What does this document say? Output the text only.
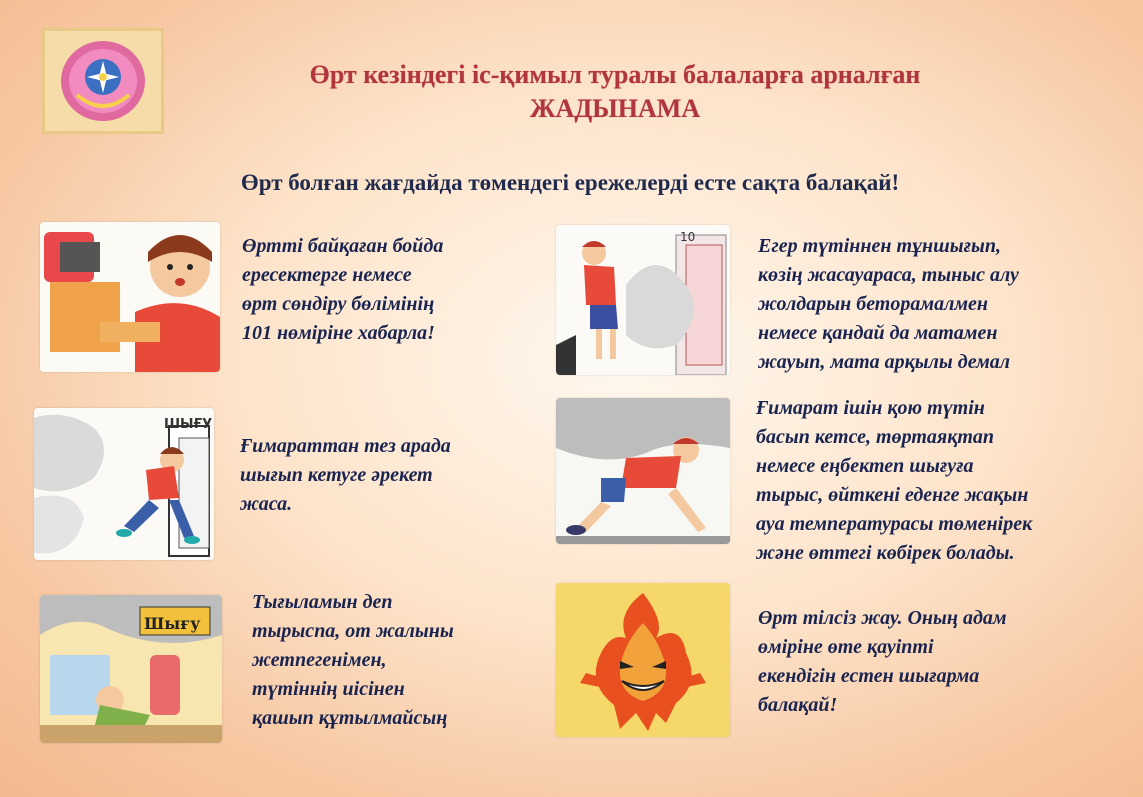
Өрт кезіндегі іс-қимыл туралы балаларға арналған
ЖАДЫНАМА
Өрт болған жағдайда төмендегі ережелерді есте сақта балақай!
Өртті байқаған бойда
ересектерге немесе
өрт сөндіру бөлімінің
101 нөміріне хабарла!
ШЫҒУ
Ғимараттан тез арада
шығып кетуге әрекет
жаса.
Шығу
Тығыламын деп
тырыспа, от жалыны
жетпегенімен,
түтіннің иісінен
қашып құтылмайсың
10	Егер түтіннен тұншығып,
көзің жасауараса, тыныс алу
жолдарын бетoрамалмен
немесе қандай да матамен
жауып, мата арқылы демал
Ғимарат ішін қою түтін
басып кетсе, төртаяқтап
немесе еңбектеп шығуға
тырыс, өйткені еденге жақын
ауа температурасы төменірек
және өттегі көбірек болады.
Өрт тілсіз жау. Оның адам
өміріне өте қауіпті
екендігін естен шығарма
балақай!
